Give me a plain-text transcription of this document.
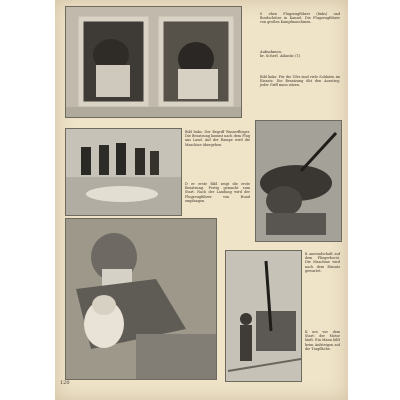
S ehen Flugzeugführer (links) und Bordschütze in Kanzel. Die Flugzeugführer von großen Kampfmaschinen.
Aufnahmen:
br. Scherl. Atlantic (1)
Bild links: Der Begriff Wasserflieger. Die Besatzung kommt nach dem Flug ans Land. Auf der Rampe wird die Maschine übergeben.
Bild links: Für die Ufer sind viele Soldaten im Einsatz. Die Besatzung übt den Ausstieg; jeder Griff muss sitzen.
D er erste Bild zeigt die erste Besatzung. Fertig gemacht zum Start. Nach der Landung wird der Flugzeugführer von Hund empfangen.
K ameradschaft auf dem Fliegerhorst. Die Maschine wird nach dem Einsatz gewartet.
K urz vor dem Start: der Motor läuft. Ein Mann hilft beim Aufsteigen auf die Tragfläche.
120
